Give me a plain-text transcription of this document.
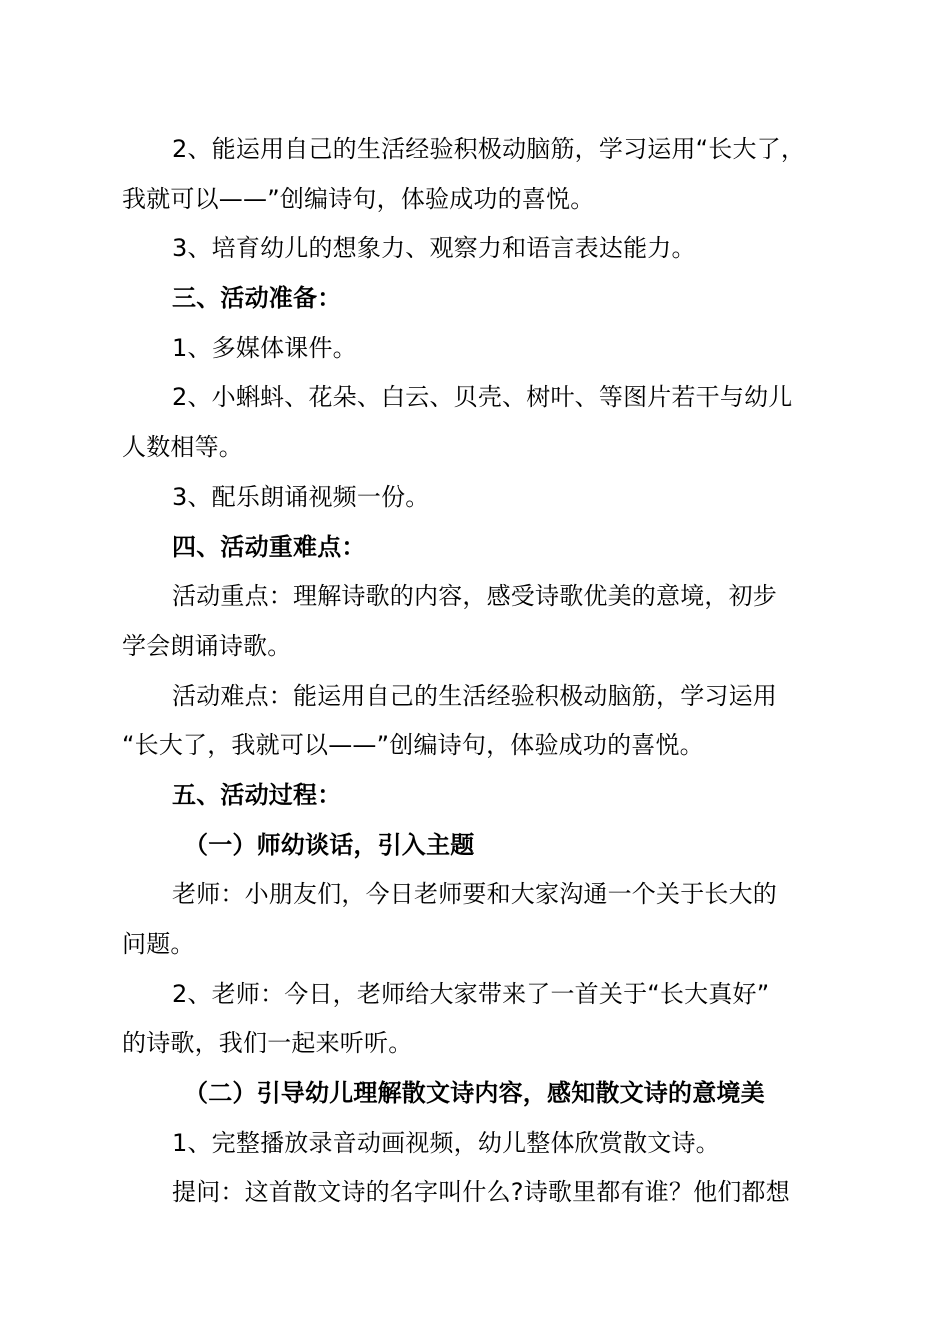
2、能运用自己的生活经验积极动脑筋，学习运用“长大了，
我就可以——”创编诗句，体验成功的喜悦。
3、培育幼儿的想象力、观察力和语言表达能力。
三、活动准备：
1、多媒体课件。
2、小蝌蚪、花朵、白云、贝壳、树叶、等图片若干与幼儿
人数相等。
3、配乐朗诵视频一份。
四、活动重难点：
活动重点：理解诗歌的内容，感受诗歌优美的意境，初步
学会朗诵诗歌。
活动难点：能运用自己的生活经验积极动脑筋，学习运用
“长大了，我就可以——”创编诗句，体验成功的喜悦。
五、活动过程：
（一）师幼谈话，引入主题
老师：小朋友们，今日老师要和大家沟通一个关于长大的
问题。
2、老师：今日，老师给大家带来了一首关于“长大真好”
的诗歌，我们一起来听听。
（二）引导幼儿理解散文诗内容，感知散文诗的意境美
1、完整播放录音动画视频，幼儿整体欣赏散文诗。
提问：这首散文诗的名字叫什么?诗歌里都有谁？他们都想
